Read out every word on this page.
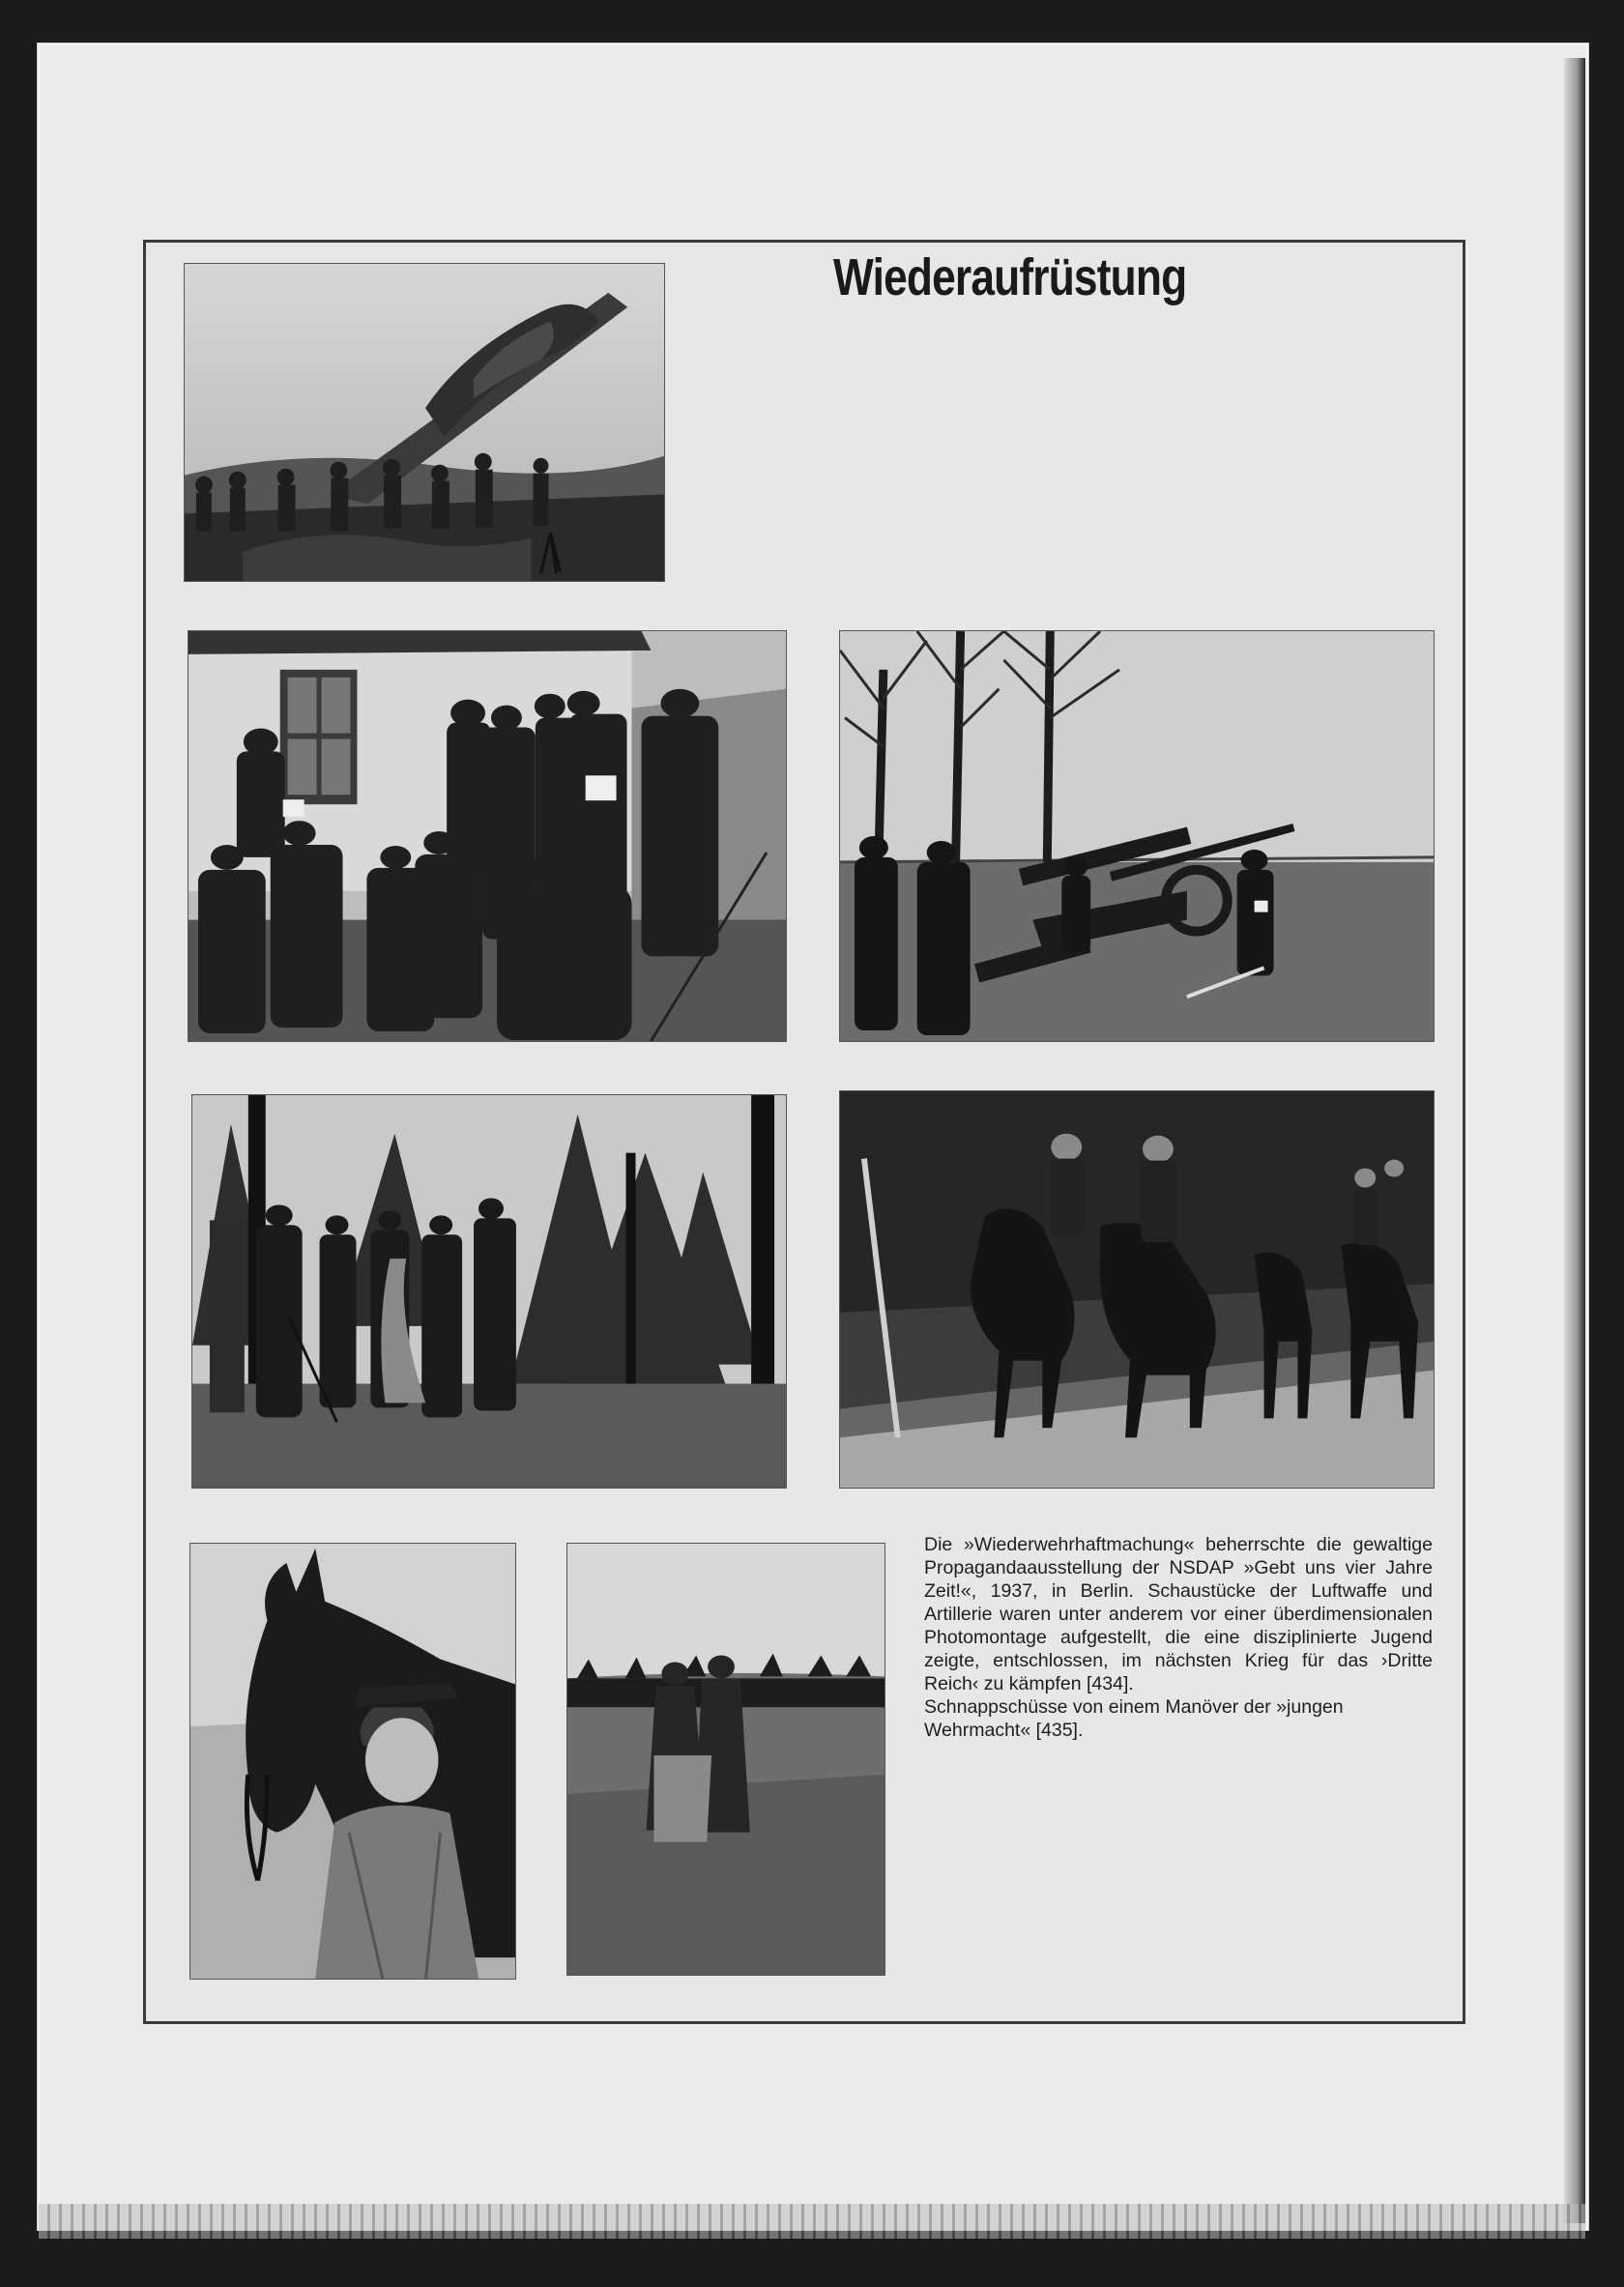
Wiederaufrüstung

Die »Wiederwehrhaftmachung« beherrschte die gewaltige Propagandaausstellung der NSDAP »Gebt uns vier Jahre Zeit!«, 1937, in Berlin. Schaustücke der Luftwaffe und Artillerie waren unter anderem vor einer überdimensionalen Photomontage aufgestellt, die eine disziplinierte Jugend zeigte, entschlossen, im nächsten Krieg für das ›Dritte Reich‹ zu kämpfen [434].

Schnappschüsse von einem Manöver der »jungen Wehrmacht« [435].
